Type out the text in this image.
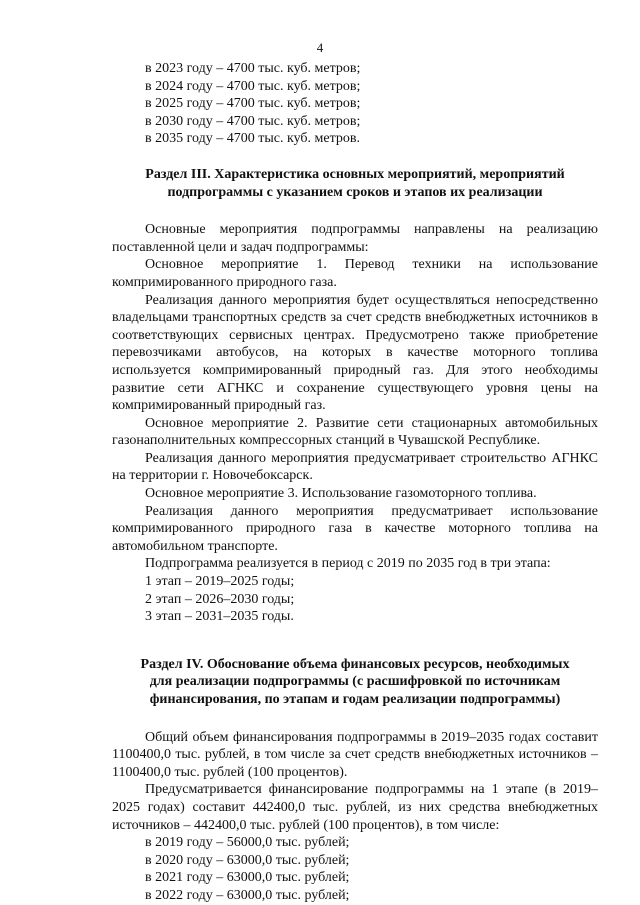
4
в 2023 году – 4700 тыс. куб. метров;
в 2024 году – 4700 тыс. куб. метров;
в 2025 году – 4700 тыс. куб. метров;
в 2030 году – 4700 тыс. куб. метров;
в 2035 году – 4700 тыс. куб. метров.
Раздел III. Характеристика основных мероприятий, мероприятий
подпрограммы с указанием сроков и этапов их реализации
Основные мероприятия подпрограммы направлены на реализацию поставленной цели и задач подпрограммы:
Основное мероприятие 1. Перевод техники на использование компримированного природного газа.
Реализация данного мероприятия будет осуществляться непосредственно владельцами транспортных средств за счет средств внебюджетных источников в соответствующих сервисных центрах. Предусмотрено также приобретение перевозчиками автобусов, на которых в качестве моторного топлива используется компримированный природный газ. Для этого необходимы развитие сети АГНКС и сохранение существующего уровня цены на компримированный природный газ.
Основное мероприятие 2. Развитие сети стационарных автомобильных газонаполнительных компрессорных станций в Чувашской Республике.
Реализация данного мероприятия предусматривает строительство АГНКС на территории г. Новочебоксарск.
Основное мероприятие 3. Использование газомоторного топлива.
Реализация данного мероприятия предусматривает использование компримированного природного газа в качестве моторного топлива на автомобильном транспорте.
Подпрограмма реализуется в период с 2019 по 2035 год в три этапа:
1 этап – 2019–2025 годы;
2 этап – 2026–2030 годы;
3 этап – 2031–2035 годы.
Раздел IV. Обоснование объема финансовых ресурсов, необходимых
для реализации подпрограммы (с расшифровкой по источникам
финансирования, по этапам и годам реализации подпрограммы)
Общий объем финансирования подпрограммы в 2019–2035 годах составит 1100400,0 тыс. рублей, в том числе за счет средств внебюджетных источников – 1100400,0 тыс. рублей (100 процентов).
Предусматривается финансирование подпрограммы на 1 этапе (в 2019–2025 годах) составит 442400,0 тыс. рублей, из них средства внебюджетных источников – 442400,0 тыс. рублей (100 процентов), в том числе:
в 2019 году – 56000,0 тыс. рублей;
в 2020 году – 63000,0 тыс. рублей;
в 2021 году – 63000,0 тыс. рублей;
в 2022 году – 63000,0 тыс. рублей;
